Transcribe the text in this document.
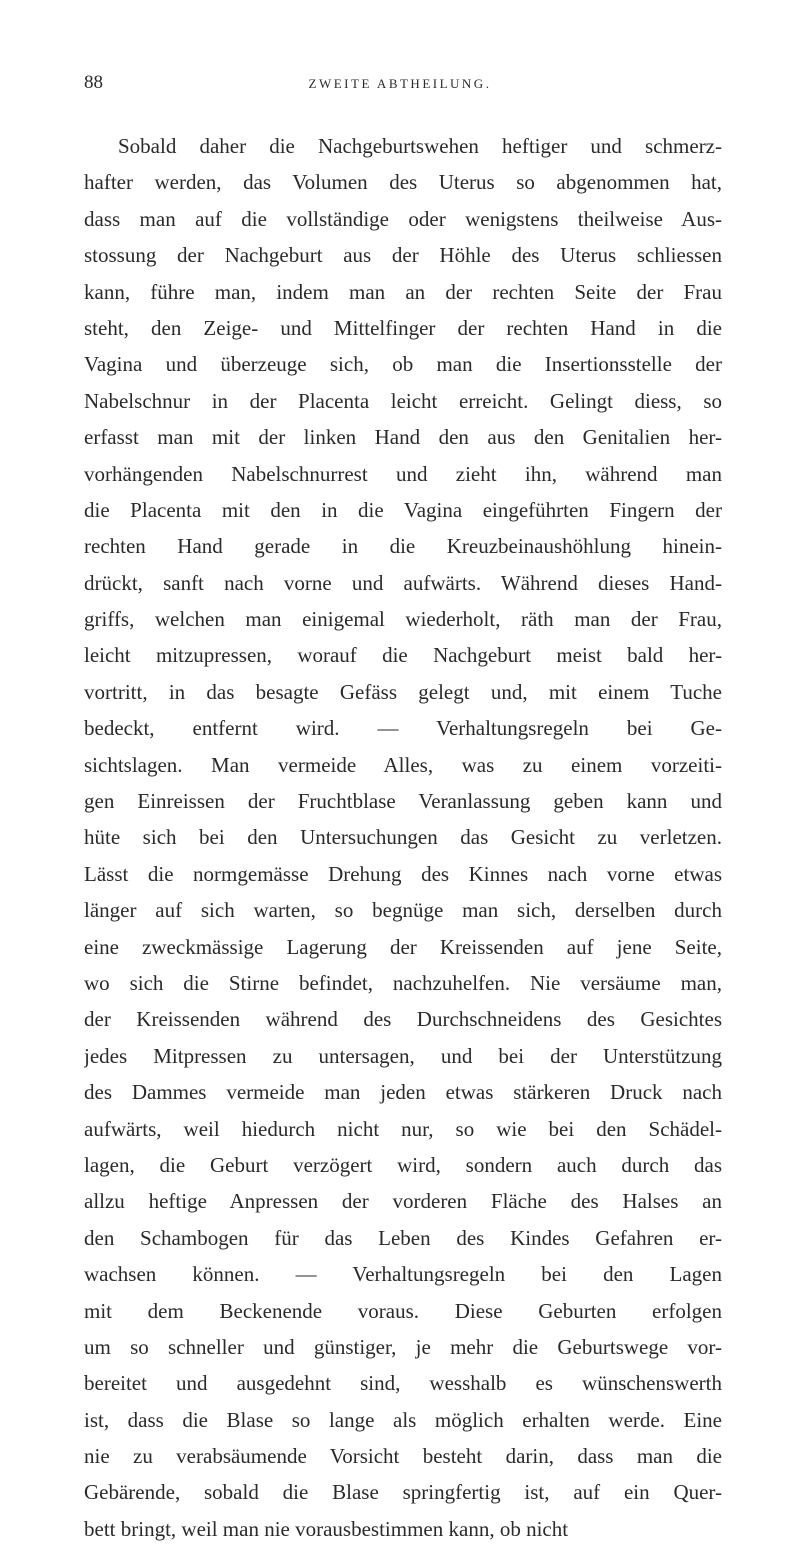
88	ZWEITE ABTHEILUNG.
Sobald daher die Nachgeburtswehen heftiger und schmerz-
hafter werden, das Volumen des Uterus so abgenommen hat,
dass man auf die vollständige oder wenigstens theilweise Aus-
stossung der Nachgeburt aus der Höhle des Uterus schliessen
kann, führe man, indem man an der rechten Seite der Frau
steht, den Zeige- und Mittelfinger der rechten Hand in die
Vagina und überzeuge sich, ob man die Insertionsstelle der
Nabelschnur in der Placenta leicht erreicht. Gelingt diess, so
erfasst man mit der linken Hand den aus den Genitalien her-
vorhängenden Nabelschnurrest und zieht ihn, während man
die Placenta mit den in die Vagina eingeführten Fingern der
rechten Hand gerade in die Kreuzbeinaushöhlung hinein-
drückt, sanft nach vorne und aufwärts. Während dieses Hand-
griffs, welchen man einigemal wiederholt, räth man der Frau,
leicht mitzupressen, worauf die Nachgeburt meist bald her-
vortritt, in das besagte Gefäss gelegt und, mit einem Tuche
bedeckt, entfernt wird. — Verhaltungsregeln bei Ge-
sichtslagen. Man vermeide Alles, was zu einem vorzeiti-
gen Einreissen der Fruchtblase Veranlassung geben kann und
hüte sich bei den Untersuchungen das Gesicht zu verletzen.
Lässt die normgemässe Drehung des Kinnes nach vorne etwas
länger auf sich warten, so begnüge man sich, derselben durch
eine zweckmässige Lagerung der Kreissenden auf jene Seite,
wo sich die Stirne befindet, nachzuhelfen. Nie versäume man,
der Kreissenden während des Durchschneidens des Gesichtes
jedes Mitpressen zu untersagen, und bei der Unterstützung
des Dammes vermeide man jeden etwas stärkeren Druck nach
aufwärts, weil hiedurch nicht nur, so wie bei den Schädel-
lagen, die Geburt verzögert wird, sondern auch durch das
allzu heftige Anpressen der vorderen Fläche des Halses an
den Schambogen für das Leben des Kindes Gefahren er-
wachsen können. — Verhaltungsregeln bei den Lagen
mit dem Beckenende voraus. Diese Geburten erfolgen
um so schneller und günstiger, je mehr die Geburtswege vor-
bereitet und ausgedehnt sind, wesshalb es wünschenswerth
ist, dass die Blase so lange als möglich erhalten werde. Eine
nie zu verabsäumende Vorsicht besteht darin, dass man die
Gebärende, sobald die Blase springfertig ist, auf ein Quer-
bett bringt, weil man nie vorausbestimmen kann, ob nicht
